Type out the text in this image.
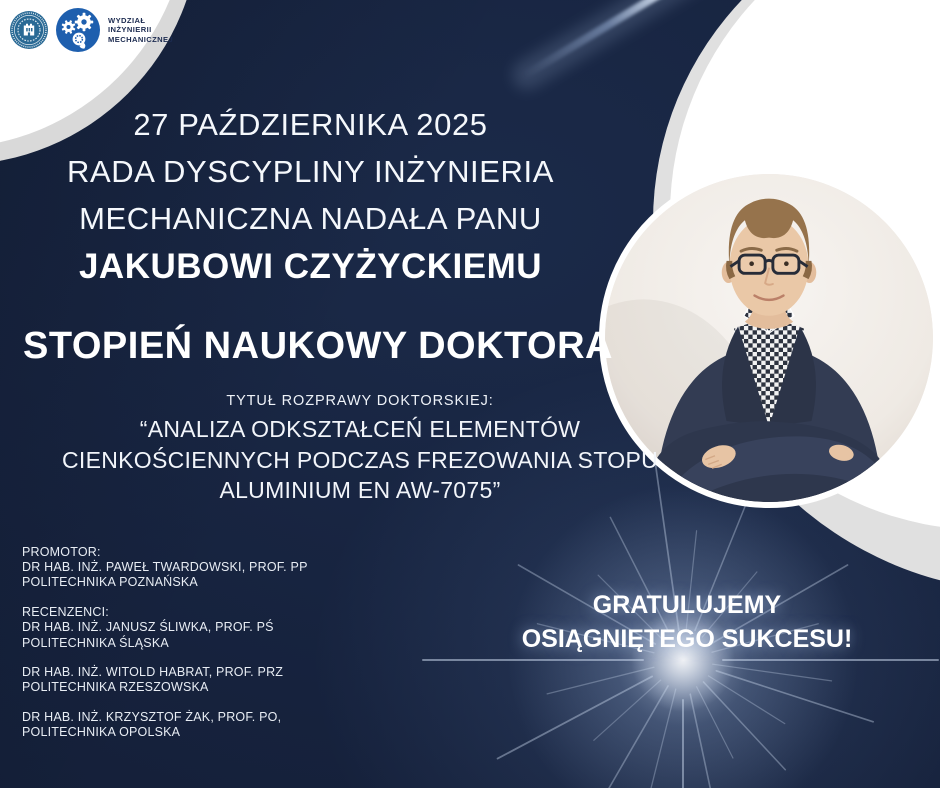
WYDZIAŁ
INŻYNIERII
MECHANICZNEJ
27 PAŹDZIERNIKA 2025
RADA DYSCYPLINY INŻYNIERIA
MECHANICZNA NADAŁA PANU
JAKUBOWI CZYŻYCKIEMU
STOPIEŃ NAUKOWY DOKTORA
TYTUŁ ROZPRAWY DOKTORSKIEJ:
“ANALIZA ODKSZTAŁCEŃ ELEMENTÓW
CIENKOŚCIENNYCH PODCZAS FREZOWANIA STOPU
ALUMINIUM EN AW-7075”
PROMOTOR:
DR HAB. INŻ. PAWEŁ TWARDOWSKI, PROF. PP
POLITECHNIKA POZNAŃSKA
RECENZENCI:
DR HAB. INŻ. JANUSZ ŚLIWKA, PROF. PŚ
POLITECHNIKA ŚLĄSKA
DR HAB. INŻ. WITOLD HABRAT, PROF. PRZ
POLITECHNIKA RZESZOWSKA
DR HAB. INŻ. KRZYSZTOF ŻAK, PROF. PO,
POLITECHNIKA OPOLSKA
GRATULUJEMY
OSIĄGNIĘTEGO SUKCESU!
